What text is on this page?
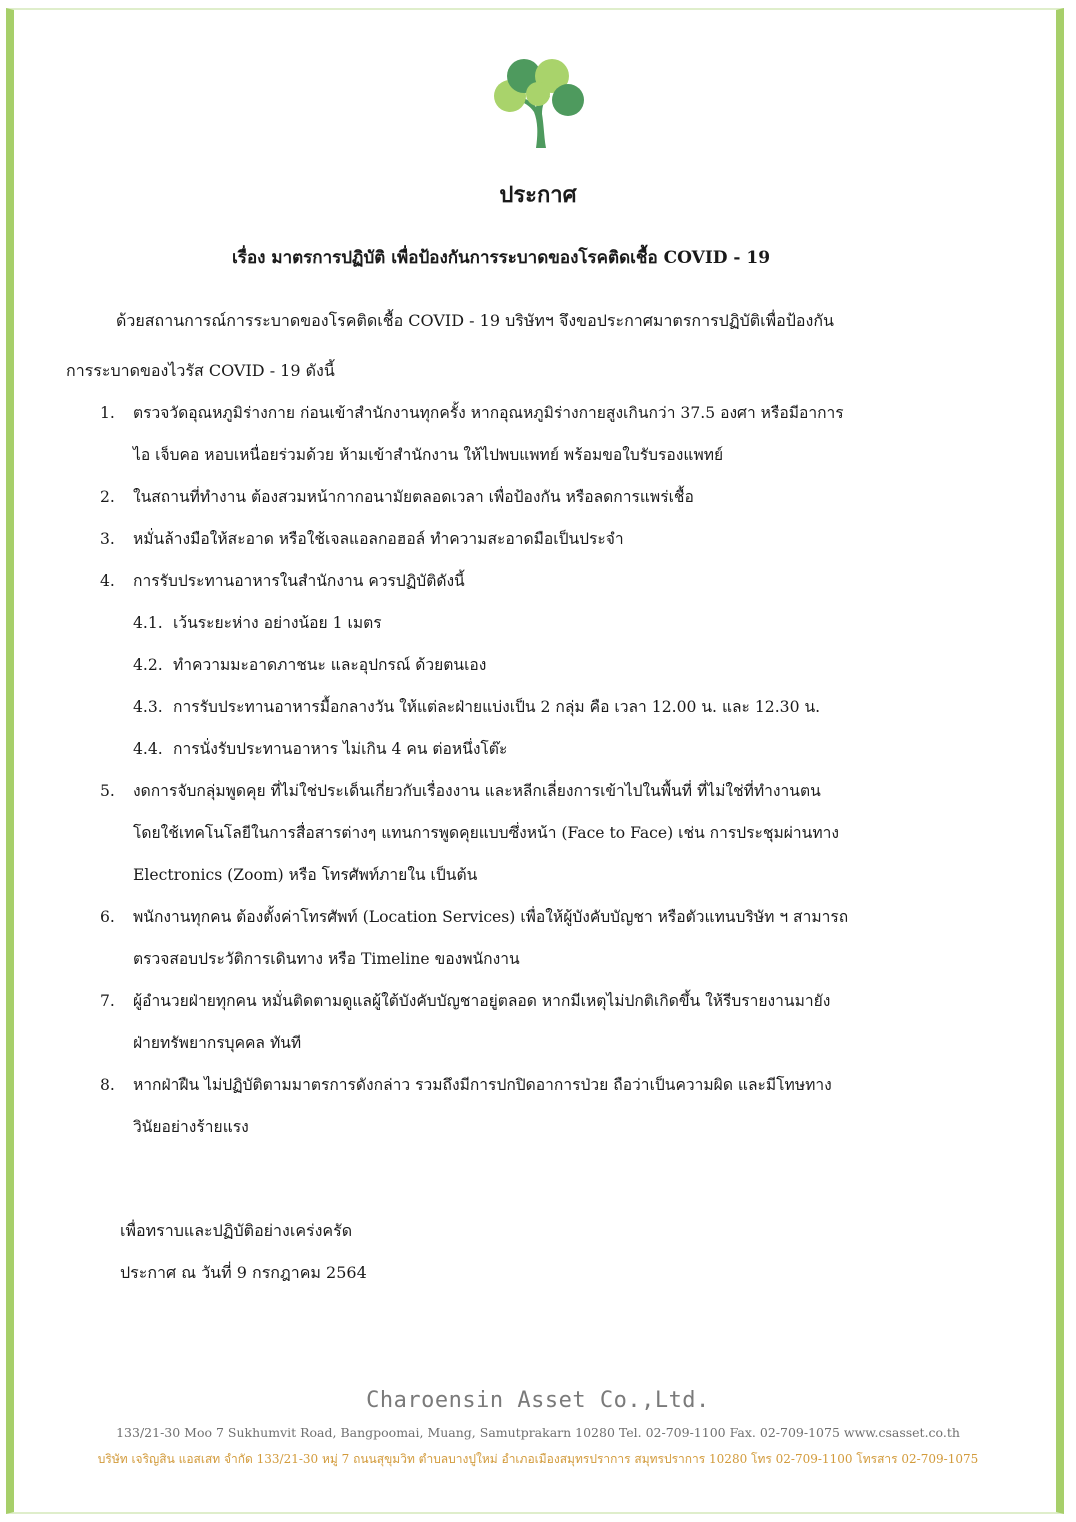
ประกาศ
เรื่อง มาตรการปฏิบัติ เพื่อป้องกันการระบาดของโรคติดเชื้อ COVID - 19
ด้วยสถานการณ์การระบาดของโรคติดเชื้อ COVID - 19 บริษัทฯ จึงขอประกาศมาตรการปฏิบัติเพื่อป้องกัน
การระบาดของไวรัส COVID - 19 ดังนี้
1. ตรวจวัดอุณหภูมิร่างกาย ก่อนเข้าสำนักงานทุกครั้ง หากอุณหภูมิร่างกายสูงเกินกว่า 37.5 องศา หรือมีอาการ
ไอ เจ็บคอ หอบเหนื่อยร่วมด้วย ห้ามเข้าสำนักงาน ให้ไปพบแพทย์ พร้อมขอใบรับรองแพทย์
2. ในสถานที่ทำงาน ต้องสวมหน้ากากอนามัยตลอดเวลา เพื่อป้องกัน หรือลดการแพร่เชื้อ
3. หมั่นล้างมือให้สะอาด หรือใช้เจลแอลกอฮอล์ ทำความสะอาดมือเป็นประจำ
4. การรับประทานอาหารในสำนักงาน ควรปฏิบัติดังนี้
4.1. เว้นระยะห่าง อย่างน้อย 1 เมตร
4.2. ทำความมะอาดภาชนะ และอุปกรณ์ ด้วยตนเอง
4.3. การรับประทานอาหารมื้อกลางวัน ให้แต่ละฝ่ายแบ่งเป็น 2 กลุ่ม คือ เวลา 12.00 น. และ 12.30 น.
4.4. การนั่งรับประทานอาหาร ไม่เกิน 4 คน ต่อหนึ่งโต๊ะ
5. งดการจับกลุ่มพูดคุย ที่ไม่ใช่ประเด็นเกี่ยวกับเรื่องงาน และหลีกเลี่ยงการเข้าไปในพื้นที่ ที่ไม่ใช่ที่ทำงานตน
โดยใช้เทคโนโลยีในการสื่อสารต่างๆ แทนการพูดคุยแบบซึ่งหน้า (Face to Face) เช่น การประชุมผ่านทาง
Electronics (Zoom) หรือ โทรศัพท์ภายใน เป็นต้น
6. พนักงานทุกคน ต้องตั้งค่าโทรศัพท์ (Location Services) เพื่อให้ผู้บังคับบัญชา หรือตัวแทนบริษัท ฯ สามารถ
ตรวจสอบประวัติการเดินทาง หรือ Timeline ของพนักงาน
7. ผู้อำนวยฝ่ายทุกคน หมั่นติดตามดูแลผู้ใต้บังคับบัญชาอยู่ตลอด หากมีเหตุไม่ปกติเกิดขึ้น ให้รีบรายงานมายัง
ฝ่ายทรัพยากรบุคคล ทันที
8. หากฝ่าฝืน ไม่ปฏิบัติตามมาตรการดังกล่าว รวมถึงมีการปกปิดอาการป่วย ถือว่าเป็นความผิด และมีโทษทาง
วินัยอย่างร้ายแรง
เพื่อทราบและปฏิบัติอย่างเคร่งครัด
ประกาศ ณ วันที่ 9 กรกฎาคม 2564
Charoensin Asset Co.,Ltd.
133/21-30 Moo 7 Sukhumvit Road, Bangpoomai, Muang, Samutprakarn 10280 Tel. 02-709-1100 Fax. 02-709-1075 www.csasset.co.th
บริษัท เจริญสิน แอสเสท จำกัด 133/21-30 หมู่ 7 ถนนสุขุมวิท ตำบลบางปูใหม่ อำเภอเมืองสมุทรปราการ สมุทรปราการ 10280 โทร 02-709-1100 โทรสาร 02-709-1075
